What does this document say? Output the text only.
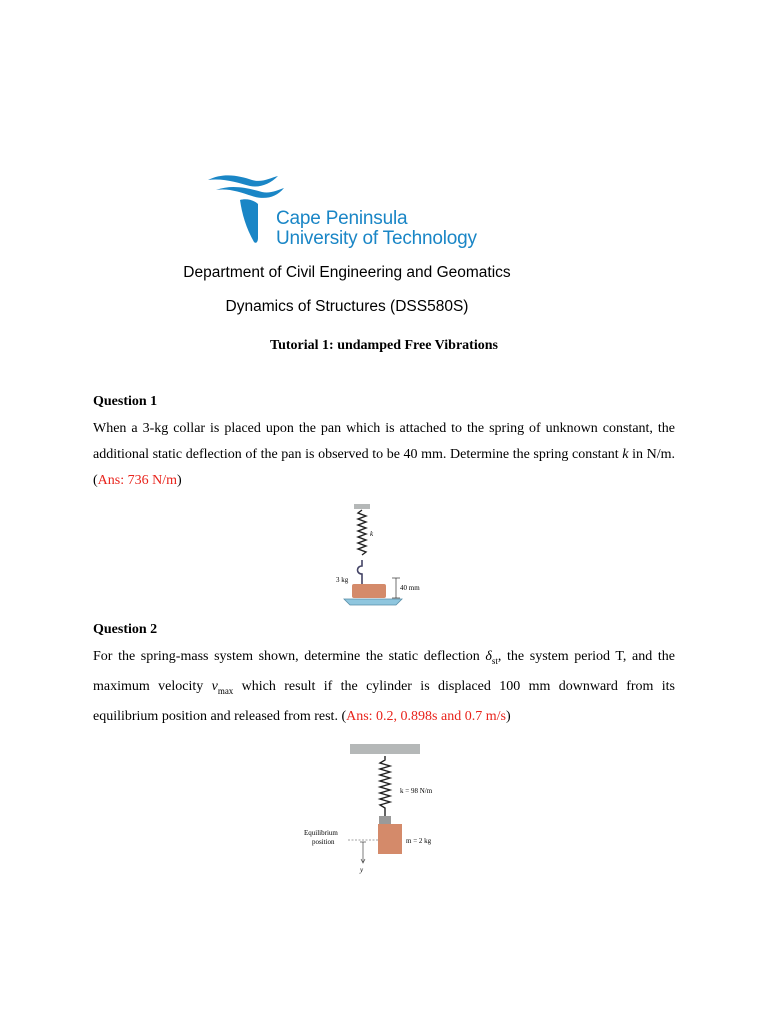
Cape Peninsula
University of Technology
Department of Civil Engineering and Geomatics
Dynamics of Structures (DSS580S)
Tutorial 1: undamped Free Vibrations
Question 1
When a 3-kg collar is placed upon the pan which is attached to the spring of unknown constant, the additional static deflection of the pan is observed to be 40 mm. Determine the spring constant k in N/m. (Ans: 736 N/m)
k
3 kg
40 mm
Question 2
For the spring-mass system shown, determine the static deflection $\delta_{st}$, the system period T, and the maximum velocity $v_{max}$ which result if the cylinder is displaced 100 mm downward from its equilibrium position and released from rest. (Ans: 0.2, 0.898s and 0.7 m/s)
k = 98 N/m
m = 2 kg
Equilibrium
position
y
